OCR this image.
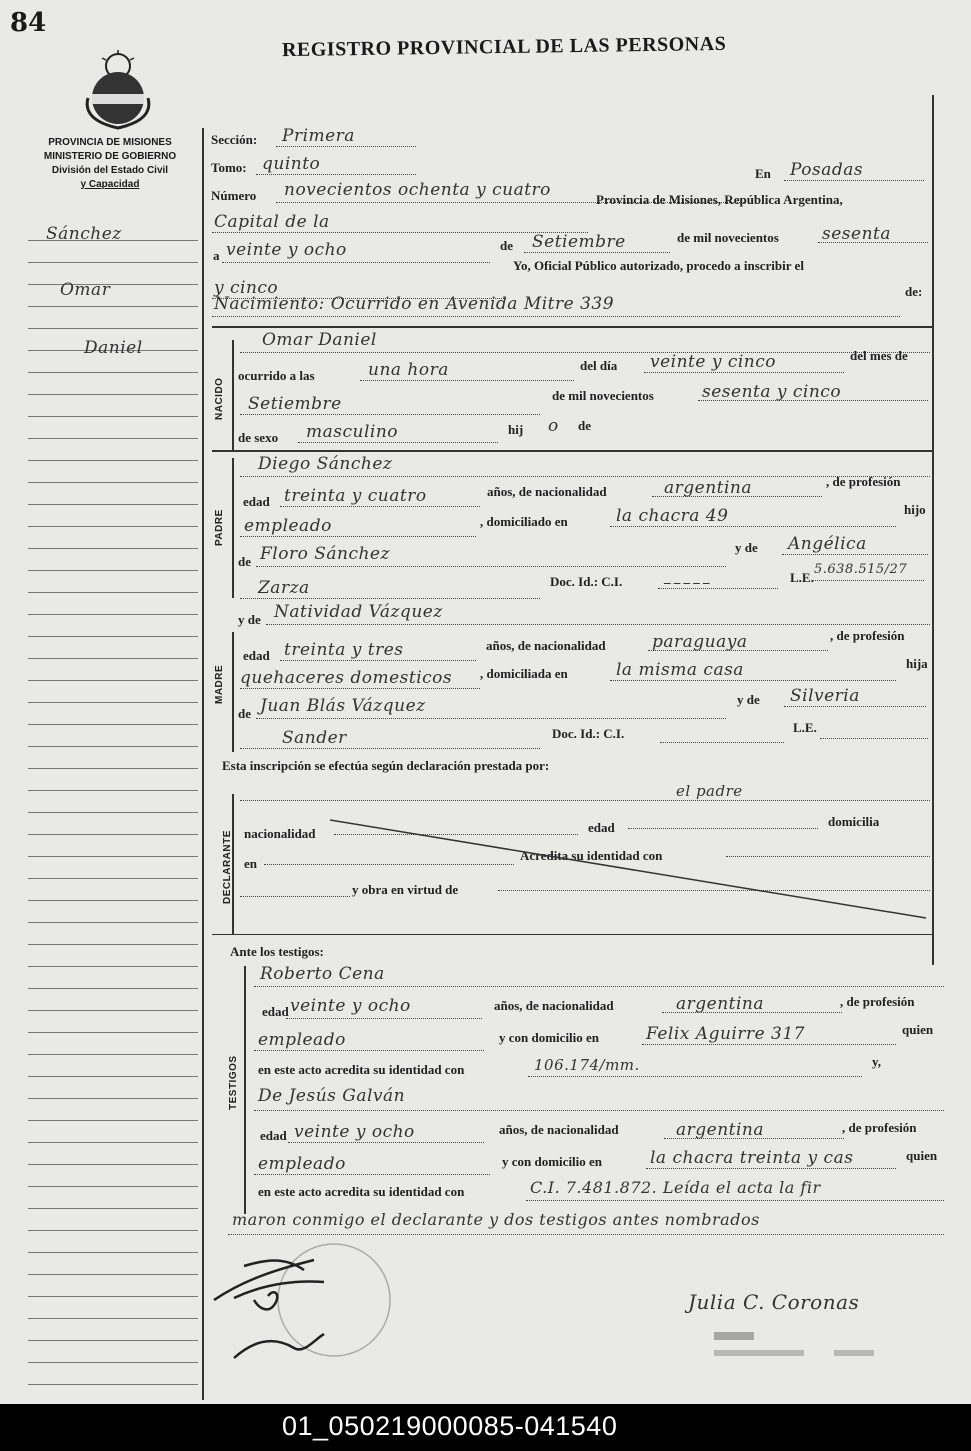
84
REGISTRO PROVINCIAL DE LAS PERSONAS
PROVINCIA DE MISIONES
MINISTERIO DE GOBIERNO
División del Estado Civil
y Capacidad
Sánchez
Omar
Daniel
Sección: Primera
Tomo: quinto
Número novecientos ochenta y cuatro
En Posadas
Capital de la
Provincia de Misiones, República Argentina,
a veinte y ocho	de Setiembre	de mil novecientos	sesenta
y cinco
Yo, Oficial Público autorizado, procedo a inscribir el
Nacimiento: Ocurrido en Avenida Mitre 339
de:
NACIDO
Omar Daniel
ocurrido a las	una hora	del día veinte y cinco	del mes de
Setiembre	de mil novecientos	sesenta y cinco
de sexo masculino	hij o de
PADRE
Diego Sánchez
edad treinta y cuatro	años, de nacionalidad	argentina	, de profesión
empleado	, domiciliado en	la chacra 49	hijo
de Floro Sánchez	y de Angélica
Zarza	Doc. Id.: C.I.	_ _ _ _ _	L.E.
5.638.515/27
y de Natividad Vázquez
MADRE
edad treinta y tres	años, de nacionalidad	paraguaya	, de profesión
quehaceres domesticos , domiciliada en	la misma casa	hija
de Juan Blás Vázquez	y de Silveria
Sander	Doc. Id.: C.I.	L.E.
Esta inscripción se efectúa según declaración prestada por:
el padre
DECLARANTE nacionalidad	edad	domicilia
en
Acredita su identidad con
y obra en virtud de
Ante los testigos:
TESTIGOS
Roberto Cena
edad veinte y ocho	años, de nacionalidad	argentina	, de profesión
empleado	y con domicilio en	Felix Aguirre 317	quien
en este acto acredita su identidad con	106.174/mm.	y,
De Jesús Galván
edad veinte y ocho	años, de nacionalidad	argentina	, de profesión
empleado	y con domicilio en	la chacra treinta y cas	quien
en este acto acredita su identidad con	C.I. 7.481.872. Leída el acta la fir
maron conmigo el declarante y dos testigos antes nombrados
Julia C. Coronas
01_050219000085-041540
